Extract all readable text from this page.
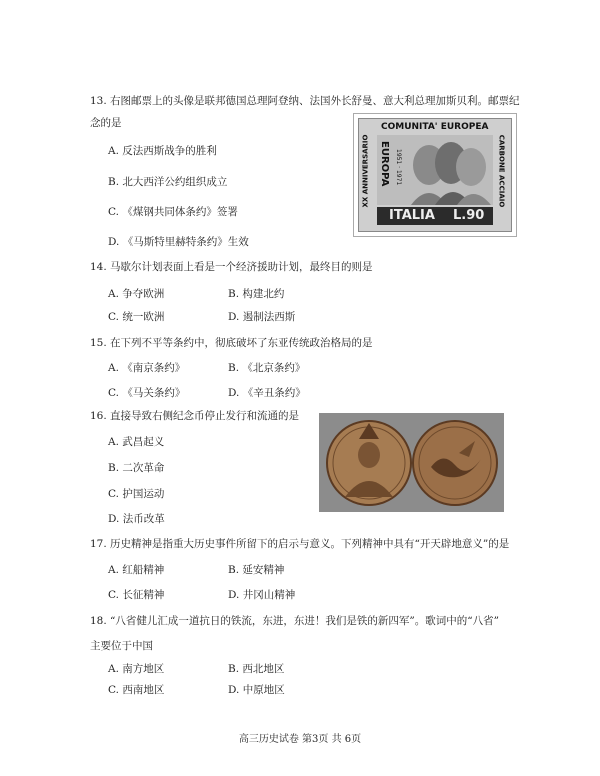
13. 右图邮票上的头像是联邦德国总理阿登纳、法国外长舒曼、意大利总理加斯贝利。邮票纪
念的是
A. 反法西斯战争的胜利
B. 北大西洋公约组织成立
C. 《煤钢共同体条约》签署
D. 《马斯特里赫特条约》生效
COMUNITA' EUROPEA
XX ANNIVERSARIO	CARBONE ACCIAIO
EUROPA 1951 · 1971
ITALIA L.90
14. 马歇尔计划表面上看是一个经济援助计划，最终目的则是
A. 争夺欧洲	B. 构建北约
C. 统一欧洲	D. 遏制法西斯
15. 在下列不平等条约中，彻底破坏了东亚传统政治格局的是
A. 《南京条约》	B. 《北京条约》
C. 《马关条约》	D. 《辛丑条约》
16. 直接导致右侧纪念币停止发行和流通的是
A. 武昌起义
B. 二次革命
C. 护国运动
D. 法币改革
17. 历史精神是指重大历史事件所留下的启示与意义。下列精神中具有“开天辟地意义”的是
A. 红船精神	B. 延安精神
C. 长征精神	D. 井冈山精神
18. “八省健儿汇成一道抗日的铁流，东进，东进！我们是铁的新四军”。歌词中的“八省”
主要位于中国
A. 南方地区	B. 西北地区
C. 西南地区	D. 中原地区
高三历史试卷 第3页 共 6页
